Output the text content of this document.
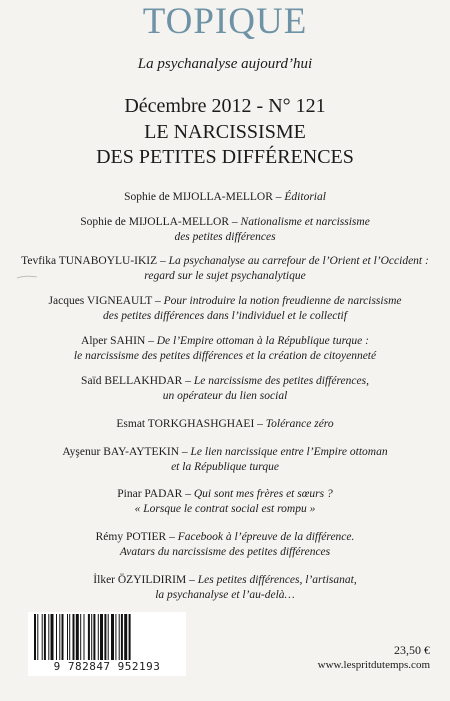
TOPIQUE
La psychanalyse aujourd’hui
Décembre 2012 - N° 121
LE NARCISSISME
DES PETITES DIFFÉRENCES
Sophie de MIJOLLA-MELLOR – Éditorial
Sophie de MIJOLLA-MELLOR – Nationalisme et narcissisme
des petites différences
Tevfika TUNABOYLU-IKIZ – La psychanalyse au carrefour de l’Orient et l’Occident :
regard sur le sujet psychanalytique
Jacques VIGNEAULT – Pour introduire la notion freudienne de narcissisme
des petites différences dans l’individuel et le collectif
Alper SAHIN – De l’Empire ottoman à la République turque :
le narcissisme des petites différences et la création de citoyenneté
Saïd BELLAKHDAR – Le narcissisme des petites différences,
un opérateur du lien social
Esmat TORKGHASHGHAEI – Tolérance zéro
Ayşenur BAY-AYTEKIN – Le lien narcissique entre l’Empire ottoman
et la République turque
Pinar PADAR – Qui sont mes frères et sœurs ?
« Lorsque le contrat social est rompu »
Rémy POTIER – Facebook à l’épreuve de la différence.
Avatars du narcissisme des petites différences
İlker ÖZYILDIRIM – Les petites différences, l’artisanat,
la psychanalyse et l’au-delà…
9 782847 952193
23,50 €
www.lespritdutemps.com
